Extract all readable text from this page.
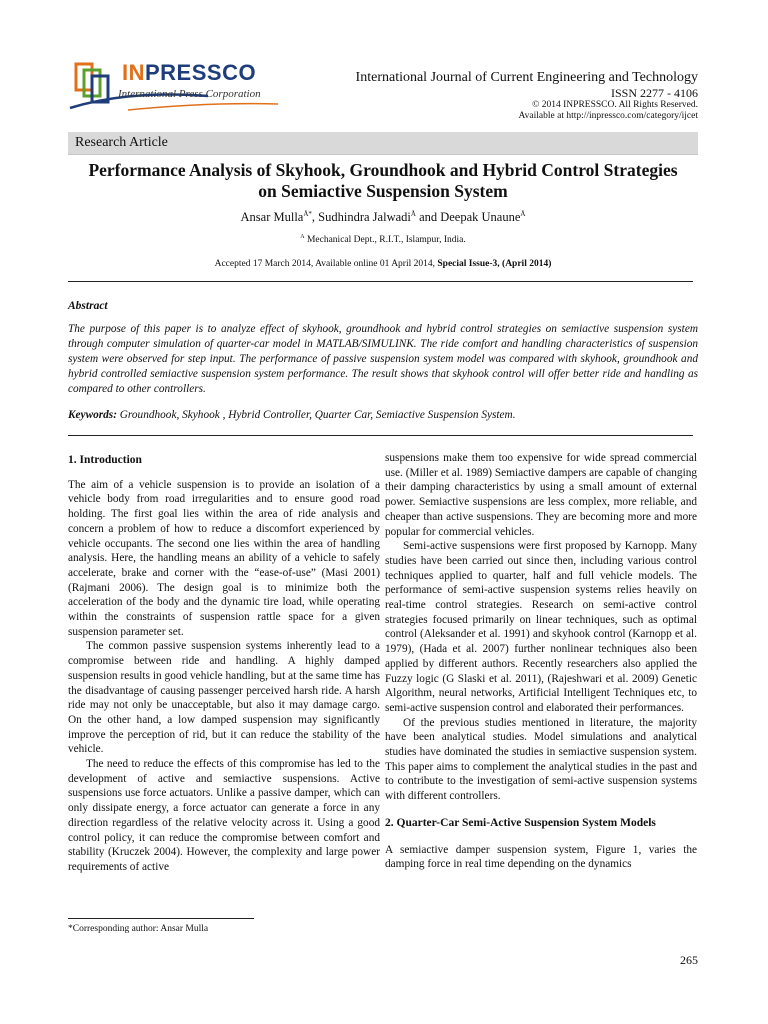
INPRESSCO
International Press Corporation
International Journal of Current Engineering and Technology
ISSN 2277 - 4106
© 2014 INPRESSCO. All Rights Reserved.
Available at http://inpressco.com/category/ijcet
Research Article
Performance Analysis of Skyhook, Groundhook and Hybrid Control Strategies
on Semiactive Suspension System
Ansar Mulla$^{Å*}$, Sudhindra Jalwadi$^Å$ and Deepak Unaune$^Å$
$^A$ Mechanical Dept., R.I.T., Islampur, India.
Accepted 17 March 2014, Available online 01 April 2014, Special Issue-3, (April 2014)
Abstract
The purpose of this paper is to analyze effect of skyhook, groundhook and hybrid control strategies on semiactive suspension system through computer simulation of quarter-car model in MATLAB/SIMULINK. The ride comfort and handling characteristics of suspension system were observed for step input. The performance of passive suspension system model was compared with skyhook, groundhook and hybrid controlled semiactive suspension system performance. The result shows that skyhook control will offer better ride and handling as compared to other controllers.
Keywords: Groundhook, Skyhook , Hybrid Controller, Quarter Car, Semiactive Suspension System.
1. Introduction

The aim of a vehicle suspension is to provide an isolation of a vehicle body from road irregularities and to ensure good road holding. The first goal lies within the area of ride analysis and concern a problem of how to reduce a discomfort experienced by vehicle occupants. The second one lies within the area of handling analysis. Here, the handling means an ability of a vehicle to safely accelerate, brake and corner with the “ease-of-use” (Masi 2001) (Rajmani 2006). The design goal is to minimize both the acceleration of the body and the dynamic tire load, while operating within the constraints of suspension rattle space for a given suspension parameter set.

The common passive suspension systems inherently lead to a compromise between ride and handling. A highly damped suspension results in good vehicle handling, but at the same time has the disadvantage of causing passenger perceived harsh ride. A harsh ride may not only be unacceptable, but also it may damage cargo. On the other hand, a low damped suspension may significantly improve the perception of rid, but it can reduce the stability of the vehicle.

The need to reduce the effects of this compromise has led to the development of active and semiactive suspensions. Active suspensions use force actuators. Unlike a passive damper, which can only dissipate energy, a force actuator can generate a force in any direction regardless of the relative velocity across it. Using a good control policy, it can reduce the compromise between comfort and stability (Kruczek 2004). However, the complexity and large power requirements of active

suspensions make them too expensive for wide spread commercial use. (Miller et al. 1989) Semiactive dampers are capable of changing their damping characteristics by using a small amount of external power. Semiactive suspensions are less complex, more reliable, and cheaper than active suspensions. They are becoming more and more popular for commercial vehicles.

Semi-active suspensions were first proposed by Karnopp. Many studies have been carried out since then, including various control techniques applied to quarter, half and full vehicle models. The performance of semi-active suspension systems relies heavily on real-time control strategies. Research on semi-active control strategies focused primarily on linear techniques, such as optimal control (Aleksander et al. 1991) and skyhook control (Karnopp et al. 1979), (Hada et al. 2007) further nonlinear techniques also been applied by different authors. Recently researchers also applied the Fuzzy logic (G Slaski et al. 2011), (Rajeshwari et al. 2009) Genetic Algorithm, neural networks, Artificial Intelligent Techniques etc, to semi-active suspension control and elaborated their performances.

Of the previous studies mentioned in literature, the majority have been analytical studies. Model simulations and analytical studies have dominated the studies in semiactive suspension system. This paper aims to complement the analytical studies in the past and to contribute to the investigation of semi-active suspension systems with different controllers.

2. Quarter-Car Semi-Active Suspension System Models

A semiactive damper suspension system, Figure 1, varies the damping force in real time depending on the dynamics

*Corresponding author: Ansar Mulla
265
